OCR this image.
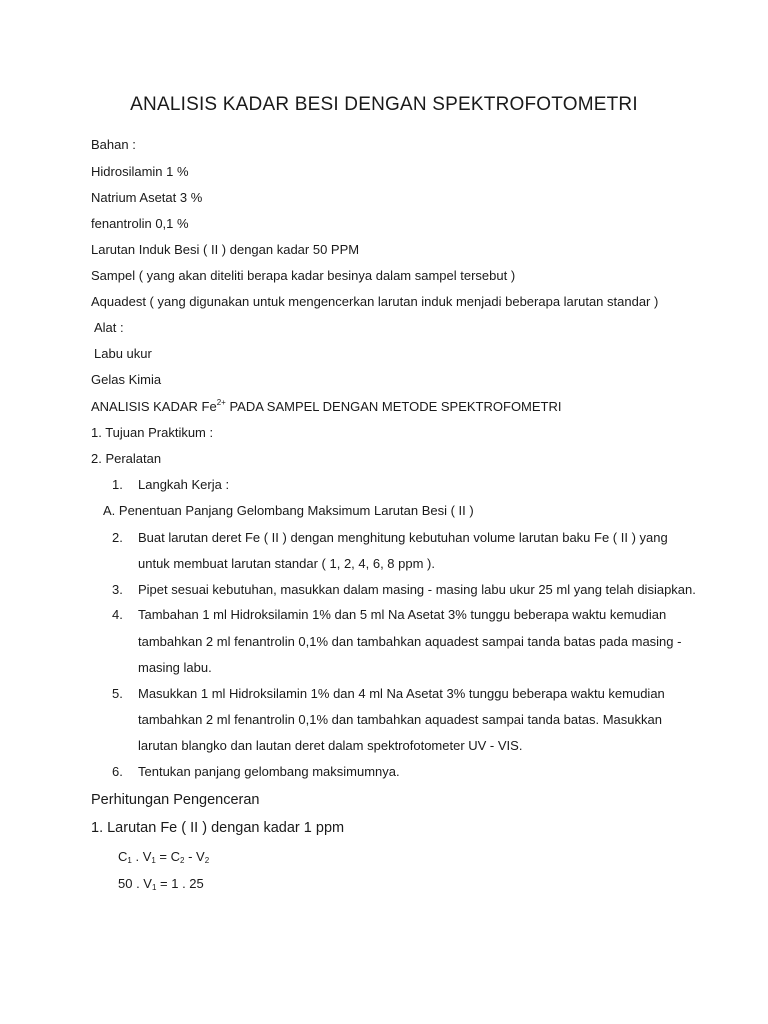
ANALISIS KADAR BESI DENGAN SPEKTROFOTOMETRI
Bahan :
Hidrosilamin 1 %
Natrium Asetat 3 %
fenantrolin 0,1 %
Larutan Induk Besi ( II ) dengan kadar 50 PPM
Sampel ( yang akan diteliti berapa kadar besinya dalam sampel tersebut )
Aquadest ( yang digunakan untuk mengencerkan larutan induk menjadi beberapa larutan standar )
Alat :
Labu ukur
Gelas Kimia
ANALISIS KADAR $Fe^{2+}$ PADA SAMPEL DENGAN METODE SPEKTROFOMETRI
1. Tujuan Praktikum :
2. Peralatan
1. Langkah Kerja :
A. Penentuan Panjang Gelombang Maksimum Larutan Besi ( II )
2. Buat larutan deret Fe ( II ) dengan menghitung kebutuhan volume larutan baku Fe ( II ) yang
untuk membuat larutan standar ( 1, 2, 4, 6, 8 ppm ).
3. Pipet sesuai kebutuhan, masukkan dalam masing - masing labu ukur 25 ml yang telah disiapkan.
4. Tambahan 1 ml Hidroksilamin 1% dan 5 ml Na Asetat 3% tunggu beberapa waktu kemudian
tambahkan 2 ml fenantrolin 0,1% dan tambahkan aquadest sampai tanda batas pada masing -
masing labu.
5. Masukkan 1 ml Hidroksilamin 1% dan 4 ml Na Asetat 3% tunggu beberapa waktu kemudian
tambahkan 2 ml fenantrolin 0,1% dan tambahkan aquadest sampai tanda batas. Masukkan
larutan blangko dan lautan deret dalam spektrofotometer UV - VIS.
6. Tentukan panjang gelombang maksimumnya.
Perhitungan Pengenceran
1. Larutan Fe ( II ) dengan kadar 1 ppm
$C_1$ . $V_1 = C_2 - V_2$
50 . $V_1 = 1$ . 25
